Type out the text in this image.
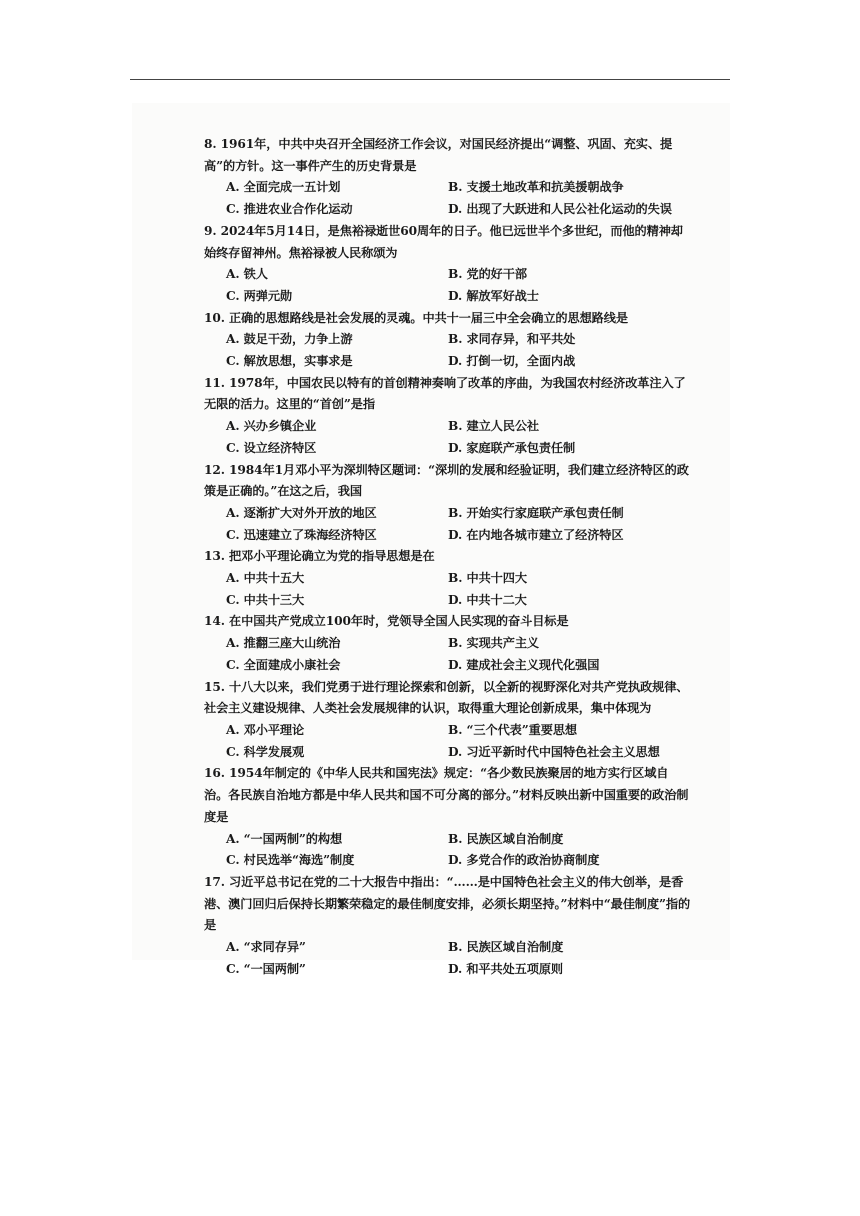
8. 1961年，中共中央召开全国经济工作会议，对国民经济提出“调整、巩固、充实、提高”的方针。这一事件产生的历史背景是

A. 全面完成一五计划	B. 支援土地改革和抗美援朝战争
C. 推进农业合作化运动	D. 出现了大跃进和人民公社化运动的失误

9. 2024年5月14日，是焦裕禄逝世60周年的日子。他已远世半个多世纪，而他的精神却始终存留神州。焦裕禄被人民称颂为

A. 铁人	B. 党的好干部
C. 两弹元勋	D. 解放军好战士

10. 正确的思想路线是社会发展的灵魂。中共十一届三中全会确立的思想路线是

A. 鼓足干劲，力争上游	B. 求同存异，和平共处
C. 解放思想，实事求是	D. 打倒一切，全面内战

11. 1978年，中国农民以特有的首创精神奏响了改革的序曲，为我国农村经济改革注入了无限的活力。这里的“首创”是指

A. 兴办乡镇企业	B. 建立人民公社
C. 设立经济特区	D. 家庭联产承包责任制

12. 1984年1月邓小平为深圳特区题词：“深圳的发展和经验证明，我们建立经济特区的政策是正确的。”在这之后，我国

A. 逐渐扩大对外开放的地区	B. 开始实行家庭联产承包责任制
C. 迅速建立了珠海经济特区	D. 在内地各城市建立了经济特区

13. 把邓小平理论确立为党的指导思想是在

A. 中共十五大	B. 中共十四大
C. 中共十三大	D. 中共十二大

14. 在中国共产党成立100年时，党领导全国人民实现的奋斗目标是

A. 推翻三座大山统治	B. 实现共产主义
C. 全面建成小康社会	D. 建成社会主义现代化强国

15. 十八大以来，我们党勇于进行理论探索和创新，以全新的视野深化对共产党执政规律、社会主义建设规律、人类社会发展规律的认识，取得重大理论创新成果，集中体现为

A. 邓小平理论	B. “三个代表”重要思想
C. 科学发展观	D. 习近平新时代中国特色社会主义思想

16. 1954年制定的《中华人民共和国宪法》规定：“各少数民族聚居的地方实行区域自治。各民族自治地方都是中华人民共和国不可分离的部分。”材料反映出新中国重要的政治制度是

A. “一国两制”的构想	B. 民族区域自治制度
C. 村民选举“海选”制度	D. 多党合作的政治协商制度

17. 习近平总书记在党的二十大报告中指出：“……是中国特色社会主义的伟大创举，是香港、澳门回归后保持长期繁荣稳定的最佳制度安排，必须长期坚持。”材料中“最佳制度”指的是

A. “求同存异”	B. 民族区域自治制度
C. “一国两制”	D. 和平共处五项原则
